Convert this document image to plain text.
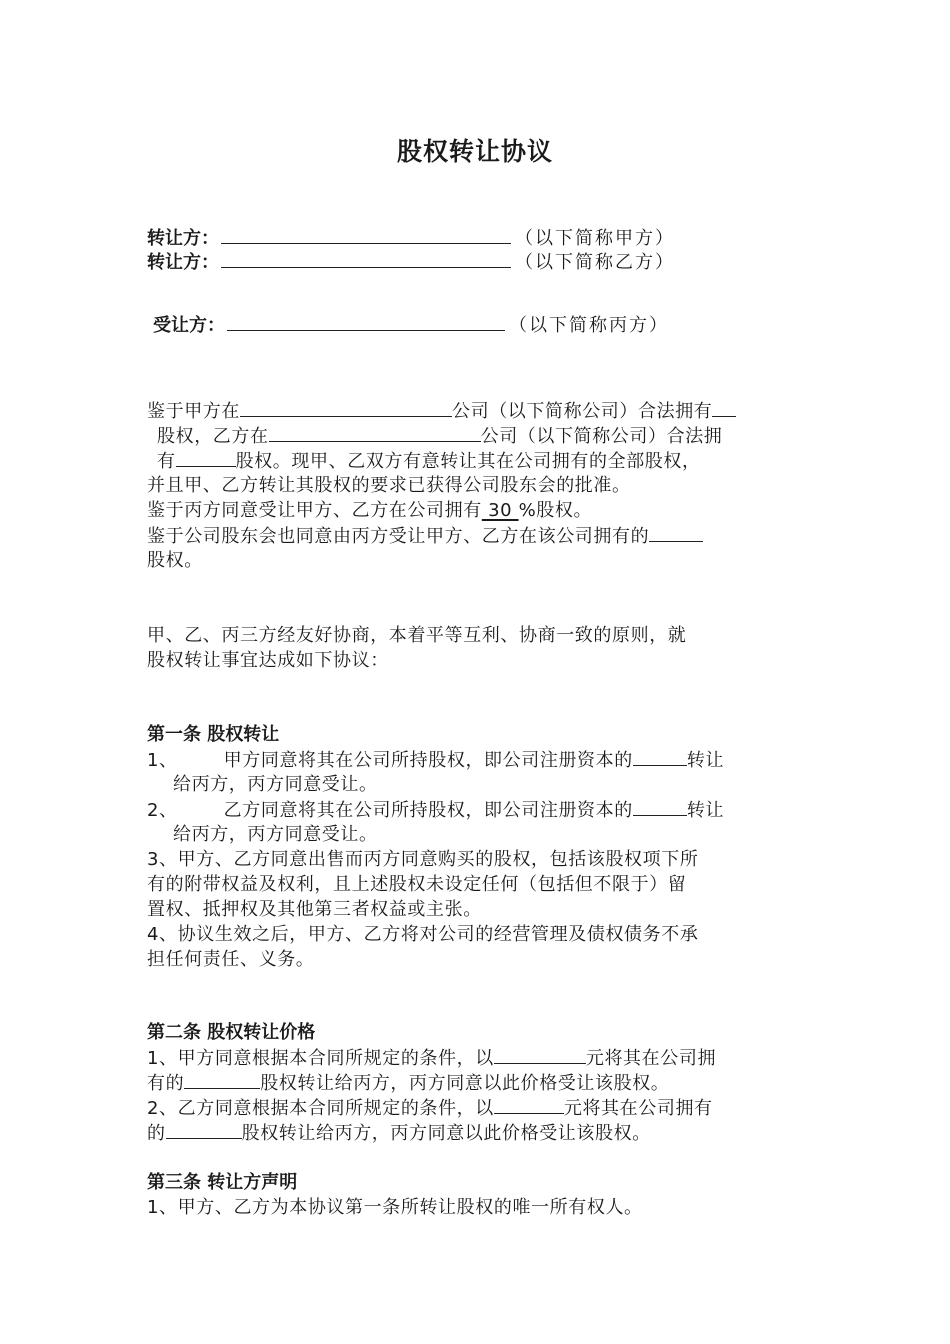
股权转让协议
转让方：	（以下简称甲方）
转让方：	（以下简称乙方）
受让方：	（以下简称丙方）
鉴于甲方在	公司（以下简称公司）合法拥有
股权，乙方在	公司（以下简称公司）合法拥
有	股权。现甲、乙双方有意转让其在公司拥有的全部股权，
并且甲、乙方转让其股权的要求已获得公司股东会的批准。
鉴于丙方同意受让甲方、乙方在公司拥有 30 %股权。
鉴于公司股东会也同意由丙方受让甲方、乙方在该公司拥有的
股权。
甲、乙、丙三方经友好协商，本着平等互利、协商一致的原则，就
股权转让事宜达成如下协议：
第一条 股权转让
1、	甲方同意将其在公司所持股权，即公司注册资本的	转让
给丙方，丙方同意受让。
2、	乙方同意将其在公司所持股权，即公司注册资本的	转让
给丙方，丙方同意受让。
3、甲方、乙方同意出售而丙方同意购买的股权，包括该股权项下所
有的附带权益及权利，且上述股权未设定任何（包括但不限于）留
置权、抵押权及其他第三者权益或主张。
4、协议生效之后，甲方、乙方将对公司的经营管理及债权债务不承
担任何责任、义务。
第二条 股权转让价格
1、甲方同意根据本合同所规定的条件，以	元将其在公司拥
有的	股权转让给丙方，丙方同意以此价格受让该股权。
2、乙方同意根据本合同所规定的条件，以	元将其在公司拥有
的	股权转让给丙方，丙方同意以此价格受让该股权。
第三条 转让方声明
1、甲方、乙方为本协议第一条所转让股权的唯一所有权人。
